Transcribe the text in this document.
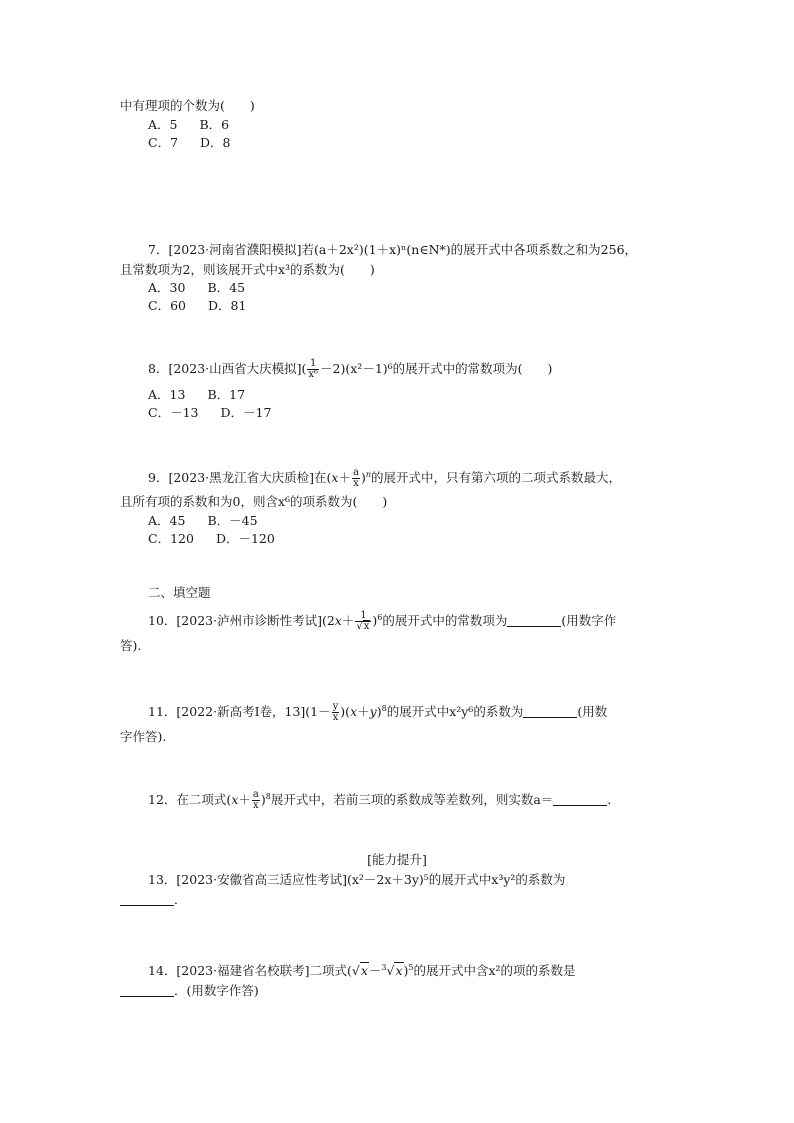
中有理项的个数为(　　)
A．5 B．6
C．7 D．8
7．[2023·河南省濮阳模拟]若(a＋2x²)(1＋x)ⁿ(n∈N*)的展开式中各项系数之和为256，
且常数项为2，则该展开式中x³的系数为(　　)
A．30 B．45
C．60 D．81
8．[2023·山西省大庆模拟]( $\frac{1}{\text{x⁶}} -2)(x^2-1)^6$的展开式中的常数项为(　　)
A．13 B．17
C．－13 D．－17
9．[2023·黑龙江省大庆质检]在$(x+ \frac{a}{x} )^n$的展开式中，只有第六项的二项式系数最大，
且所有项的系数和为0，则含x⁶的项系数为(　　)
A．45 B．－45
C．120 D．－120
二、填空题
10．[2023·泸州市诊断性考试]$(2x+ \frac{1}{√x} )^6$的展开式中的常数项为	(用数字作
答).
11．[2022·新高考Ⅰ卷，$13](1- \frac{y}{x} )(x+y)^8$的展开式中x²y⁶的系数为	(用数
字作答).
12．在二项式$(x+ \frac{a}{x} )^8$展开式中，若前三项的系数成等差数列，则实数a＝	．
[能力提升]
13．[2023·安徽省高三适应性考试](x²－2x＋3y)⁵的展开式中x³y²的系数为
．
14．[2023·福建省名校联考]二项式$(√x-^3√x)^5$的展开式中含x²的项的系数是
．(用数字作答)
